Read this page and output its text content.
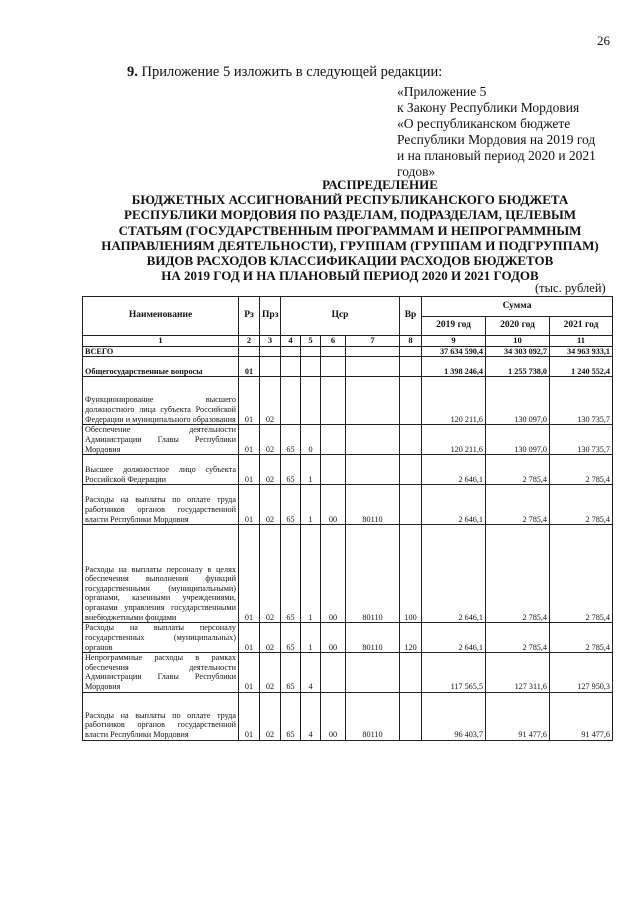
26
9. Приложение 5 изложить в следующей редакции:
«Приложение 5
к Закону Республики Мордовия
«О республиканском бюджете
Республики Мордовия на 2019 год
и на плановый период 2020 и 2021
годов»
РАСПРЕДЕЛЕНИЕ
БЮДЖЕТНЫХ АССИГНОВАНИЙ РЕСПУБЛИКАНСКОГО БЮДЖЕТА
РЕСПУБЛИКИ МОРДОВИЯ ПО РАЗДЕЛАМ, ПОДРАЗДЕЛАМ, ЦЕЛЕВЫМ
СТАТЬЯМ (ГОСУДАРСТВЕННЫМ ПРОГРАММАМ И НЕПРОГРАММНЫМ
НАПРАВЛЕНИЯМ ДЕЯТЕЛЬНОСТИ), ГРУППАМ (ГРУППАМ И ПОДГРУППАМ)
ВИДОВ РАСХОДОВ КЛАССИФИКАЦИИ РАСХОДОВ БЮДЖЕТОВ
НА 2019 ГОД И НА ПЛАНОВЫЙ ПЕРИОД 2020 И 2021 ГОДОВ
(тыс. рублей)
Наименование	Рз	Прз	Цср				Вр	Сумма		
								2019 год	2020 год	2021 год
1	2	3	4	5	6	7	8	9	10	11
ВСЕГО								37 634 590,4	34 303 092,7	34 963 933,1
Общегосударственные вопросы	01							1 398 246,4	1 255 738,0	1 240 552,4
Функционирование высшего должностного лица субъекта Российской Федерации и муниципального образования	01	02						120 211,6	130 097,0	130 735,7
Обеспечение деятельности Администрации Главы Республики Мордовия	01	02	65	0				120 211,6	130 097,0	130 735,7
Высшее должностное лицо субъекта Российской Федерации	01	02	65	1				2 646,1	2 785,4	2 785,4
Расходы на выплаты по оплате труда работников органов государственной власти Республики Мордовия	01	02	65	1	00	80110		2 646,1	2 785,4	2 785,4
Расходы на выплаты персоналу в целях обеспечения выполнения функций государственными (муниципальными) органами, казенными учреждениями, органами управления государственными внебюджетными фондами	01	02	65	1	00	80110	100	2 646,1	2 785,4	2 785,4
Расходы на выплаты персоналу государственных (муниципальных) органов	01	02	65	1	00	80110	120	2 646,1	2 785,4	2 785,4
Непрограммные расходы в рамках обеспечения деятельности Администрации Главы Республики Мордовия	01	02	65	4				117 565,5	127 311,6	127 950,3
Расходы на выплаты по оплате труда работников органов государственной власти Республики Мордовия	01	02	65	4	00	80110		96 403,7	91 477,6	91 477,6
